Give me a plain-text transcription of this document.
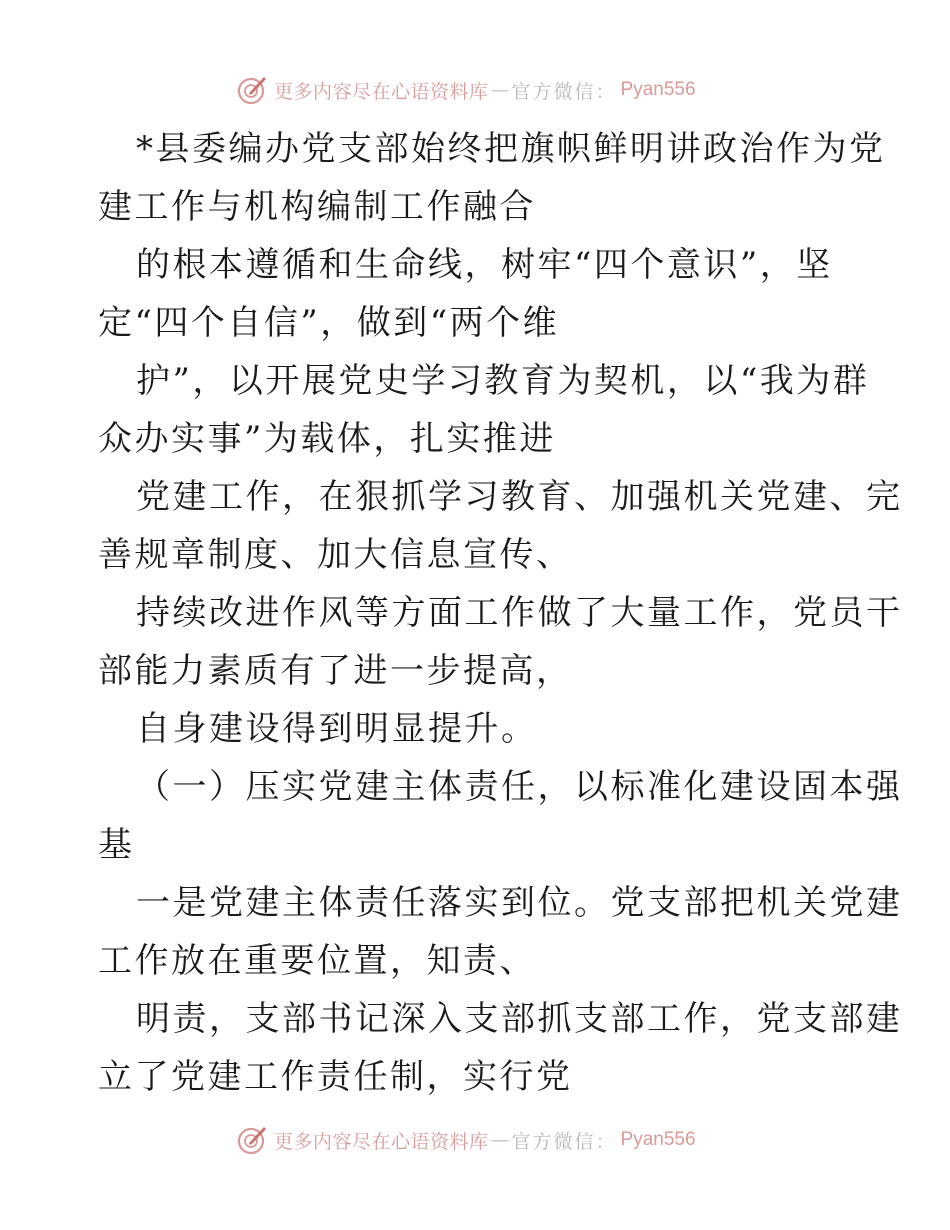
更多内容尽在心语资料库 — 官方微信： Pyan556

*县委编办党支部始终把旗帜鲜明讲政治作为党

建工作与机构编制工作融合

的根本遵循和生命线，树牢“四个意识”，坚

定“四个自信”，做到“两个维

护”，以开展党史学习教育为契机，以“我为群

众办实事”为载体，扎实推进

党建工作，在狠抓学习教育、加强机关党建、完

善规章制度、加大信息宣传、

持续改进作风等方面工作做了大量工作，党员干

部能力素质有了进一步提高，

自身建设得到明显提升。

（一）压实党建主体责任，以标准化建设固本强

基

一是党建主体责任落实到位。党支部把机关党建

工作放在重要位置，知责、

明责，支部书记深入支部抓支部工作，党支部建

立了党建工作责任制，实行党

更多内容尽在心语资料库 — 官方微信： Pyan556
